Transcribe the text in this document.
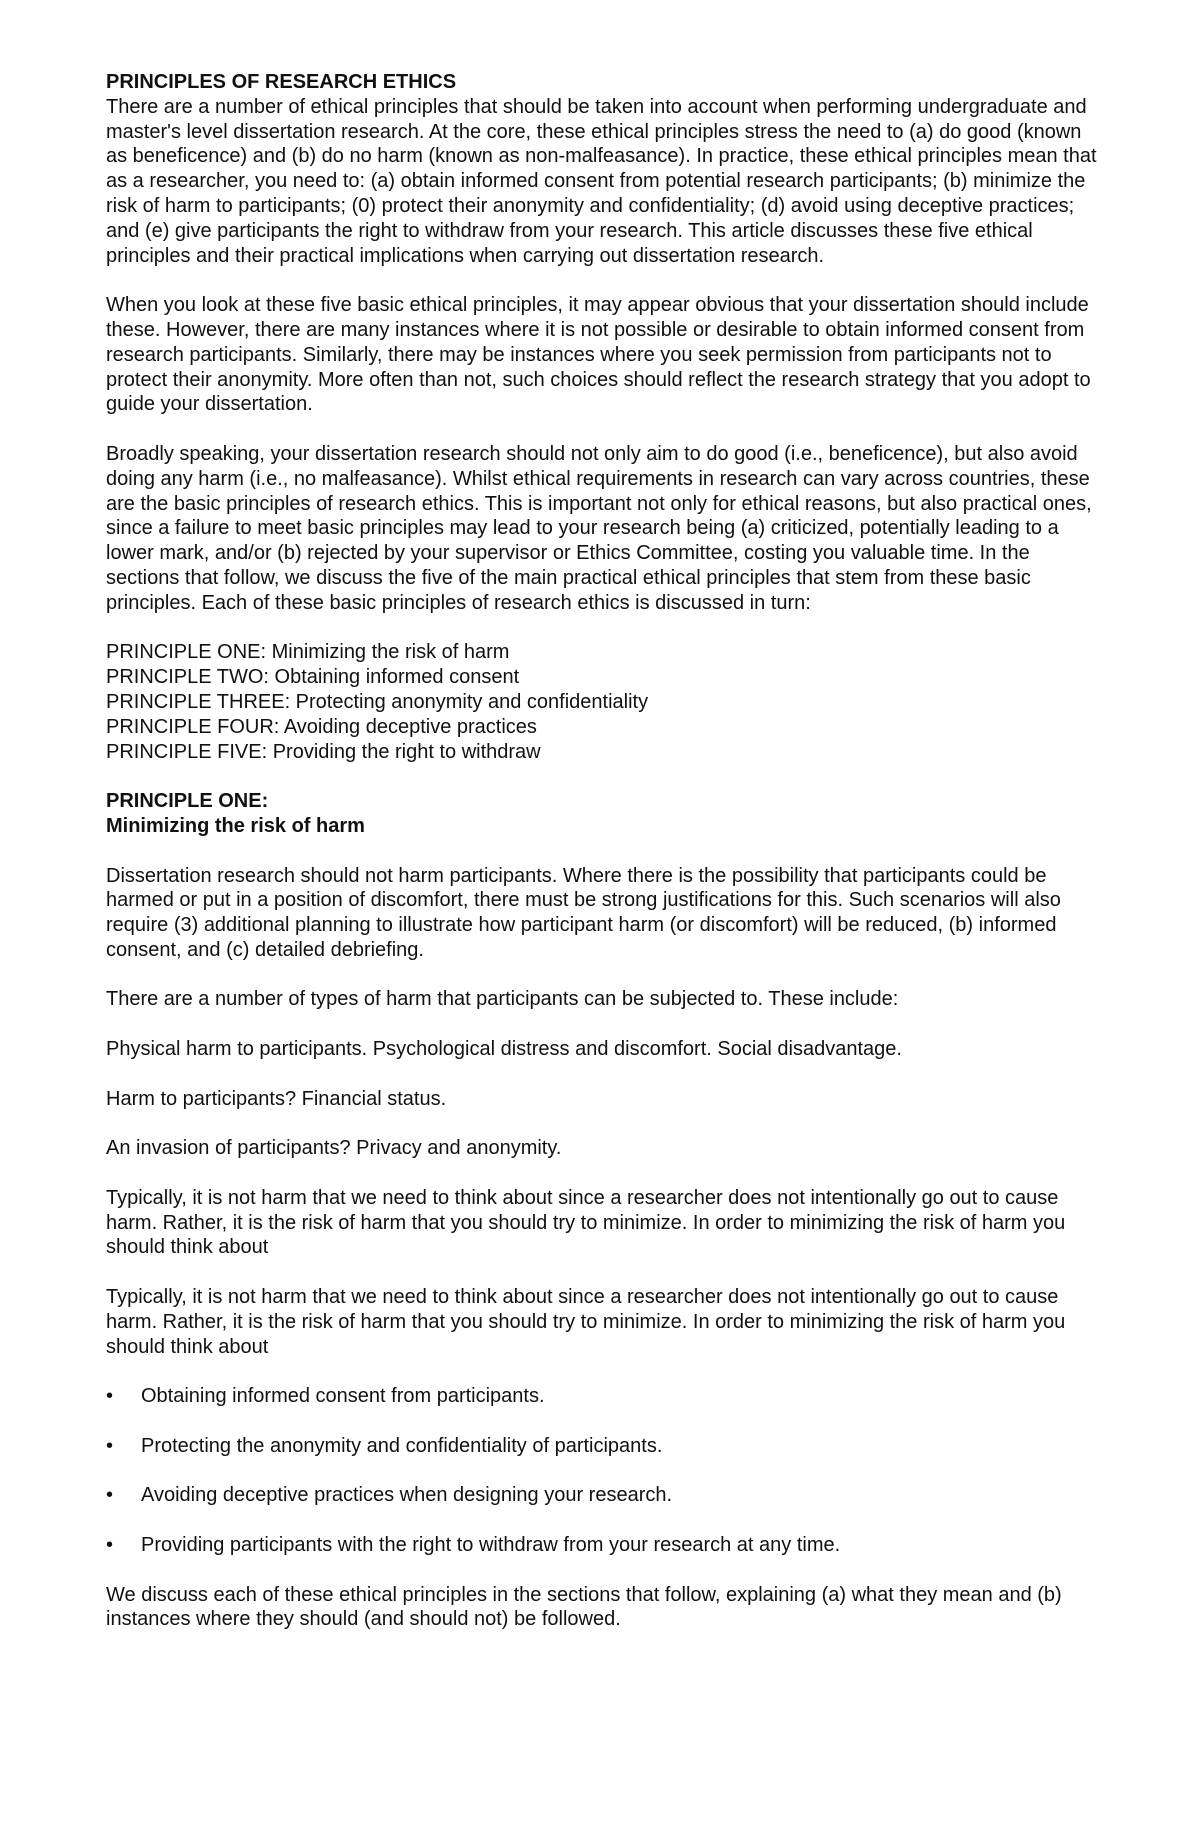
PRINCIPLES OF RESEARCH ETHICS

There are a number of ethical principles that should be taken into account when performing undergraduate and master's level dissertation research. At the core, these ethical principles stress the need to (a) do good (known as beneficence) and (b) do no harm (known as non-malfeasance). In practice, these ethical principles mean that as a researcher, you need to: (a) obtain informed consent from potential research participants; (b) minimize the risk of harm to participants; (0) protect their anonymity and confidentiality; (d) avoid using deceptive practices; and (e) give participants the right to withdraw from your research. This article discusses these five ethical principles and their practical implications when carrying out dissertation research.

When you look at these five basic ethical principles, it may appear obvious that your dissertation should include these. However, there are many instances where it is not possible or desirable to obtain informed consent from research participants. Similarly, there may be instances where you seek permission from participants not to protect their anonymity. More often than not, such choices should reflect the research strategy that you adopt to guide your dissertation.

Broadly speaking, your dissertation research should not only aim to do good (i.e., beneficence), but also avoid doing any harm (i.e., no malfeasance). Whilst ethical requirements in research can vary across countries, these are the basic principles of research ethics. This is important not only for ethical reasons, but also practical ones, since a failure to meet basic principles may lead to your research being (a) criticized, potentially leading to a lower mark, and/or (b) rejected by your supervisor or Ethics Committee, costing you valuable time. In the sections that follow, we discuss the five of the main practical ethical principles that stem from these basic principles. Each of these basic principles of research ethics is discussed in turn:

PRINCIPLE ONE: Minimizing the risk of harm
PRINCIPLE TWO: Obtaining informed consent
PRINCIPLE THREE: Protecting anonymity and confidentiality
PRINCIPLE FOUR: Avoiding deceptive practices
PRINCIPLE FIVE: Providing the right to withdraw
PRINCIPLE ONE:
Minimizing the risk of harm

Dissertation research should not harm participants. Where there is the possibility that participants could be harmed or put in a position of discomfort, there must be strong justifications for this. Such scenarios will also require (3) additional planning to illustrate how participant harm (or discomfort) will be reduced, (b) informed consent, and (c) detailed debriefing.

There are a number of types of harm that participants can be subjected to. These include:

Physical harm to participants. Psychological distress and discomfort. Social disadvantage.

Harm to participants? Financial status.

An invasion of participants? Privacy and anonymity.

Typically, it is not harm that we need to think about since a researcher does not intentionally go out to cause harm. Rather, it is the risk of harm that you should try to minimize. In order to minimizing the risk of harm you should think about

Typically, it is not harm that we need to think about since a researcher does not intentionally go out to cause harm. Rather, it is the risk of harm that you should try to minimize. In order to minimizing the risk of harm you should think about

•	Obtaining informed consent from participants.
•	Protecting the anonymity and confidentiality of participants.
•	Avoiding deceptive practices when designing your research.
•	Providing participants with the right to withdraw from your research at any time.

We discuss each of these ethical principles in the sections that follow, explaining (a) what they mean and (b) instances where they should (and should not) be followed.
